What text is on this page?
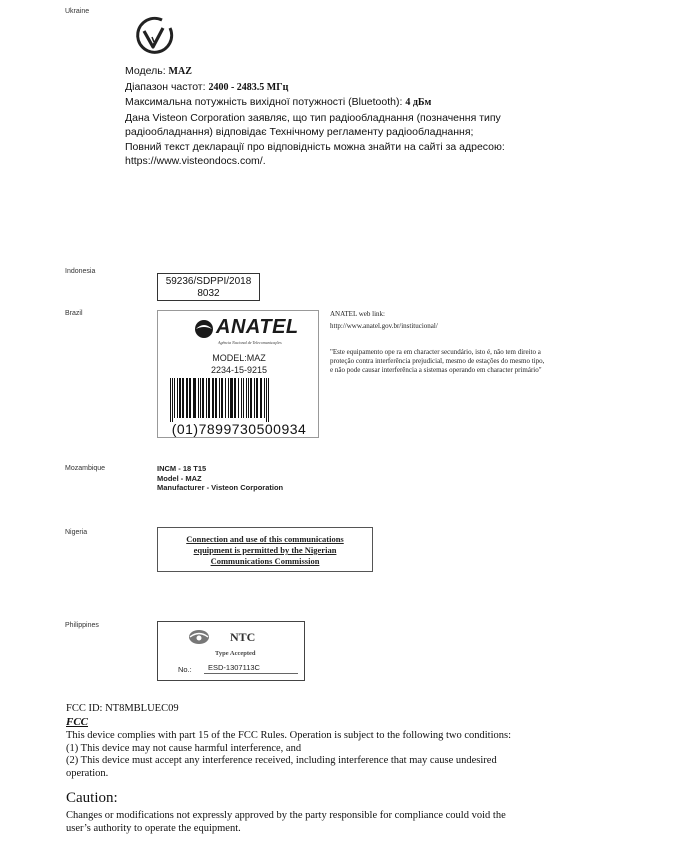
Ukraine
Модель: MAZ
Діапазон частот: 2400 - 2483.5 МГц
Максимальна потужність вихідної потужності (Bluetooth): 4 дБм
Дана Visteon Corporation заявляє, що тип радіообладнання (позначення типу
радіообладнання) відповідає Технічному регламенту радіообладнання;
Повний текст декларації про відповідність можна знайти на сайті за адресою:
https://www.visteondocs.com/.
Indonesia
59236/SDPPI/2018
8032
Brazil
ANATEL
Agência Nacional de Telecomunicações
MODEL:MAZ
2234-15-9215
(01)7899730500934
ANATEL web link:
http://www.anatel.gov.br/institucional/
"Este equipamento ope ra em character secundário, isto é, não tem direito a
proteção contra interferência prejudicial, mesmo de estações do mesmo tipo,
e não pode causar interferência a sistemas operando em character primário"
Mozambique	INCM - 18 T15
Model - MAZ
Manufacturer - Visteon Corporation
Nigeria
Connection and use of this communications
equipment is permitted by the Nigerian
Communications Commission
Philippines
NTC
Type Accepted
No.: ESD-1307113C
FCC ID: NT8MBLUEC09
FCC
This device complies with part 15 of the FCC Rules. Operation is subject to the following two conditions:
(1) This device may not cause harmful interference, and
(2) This device must accept any interference received, including interference that may cause undesired
operation.
Caution:
Changes or modifications not expressly approved by the party responsible for compliance could void the
user’s authority to operate the equipment.
